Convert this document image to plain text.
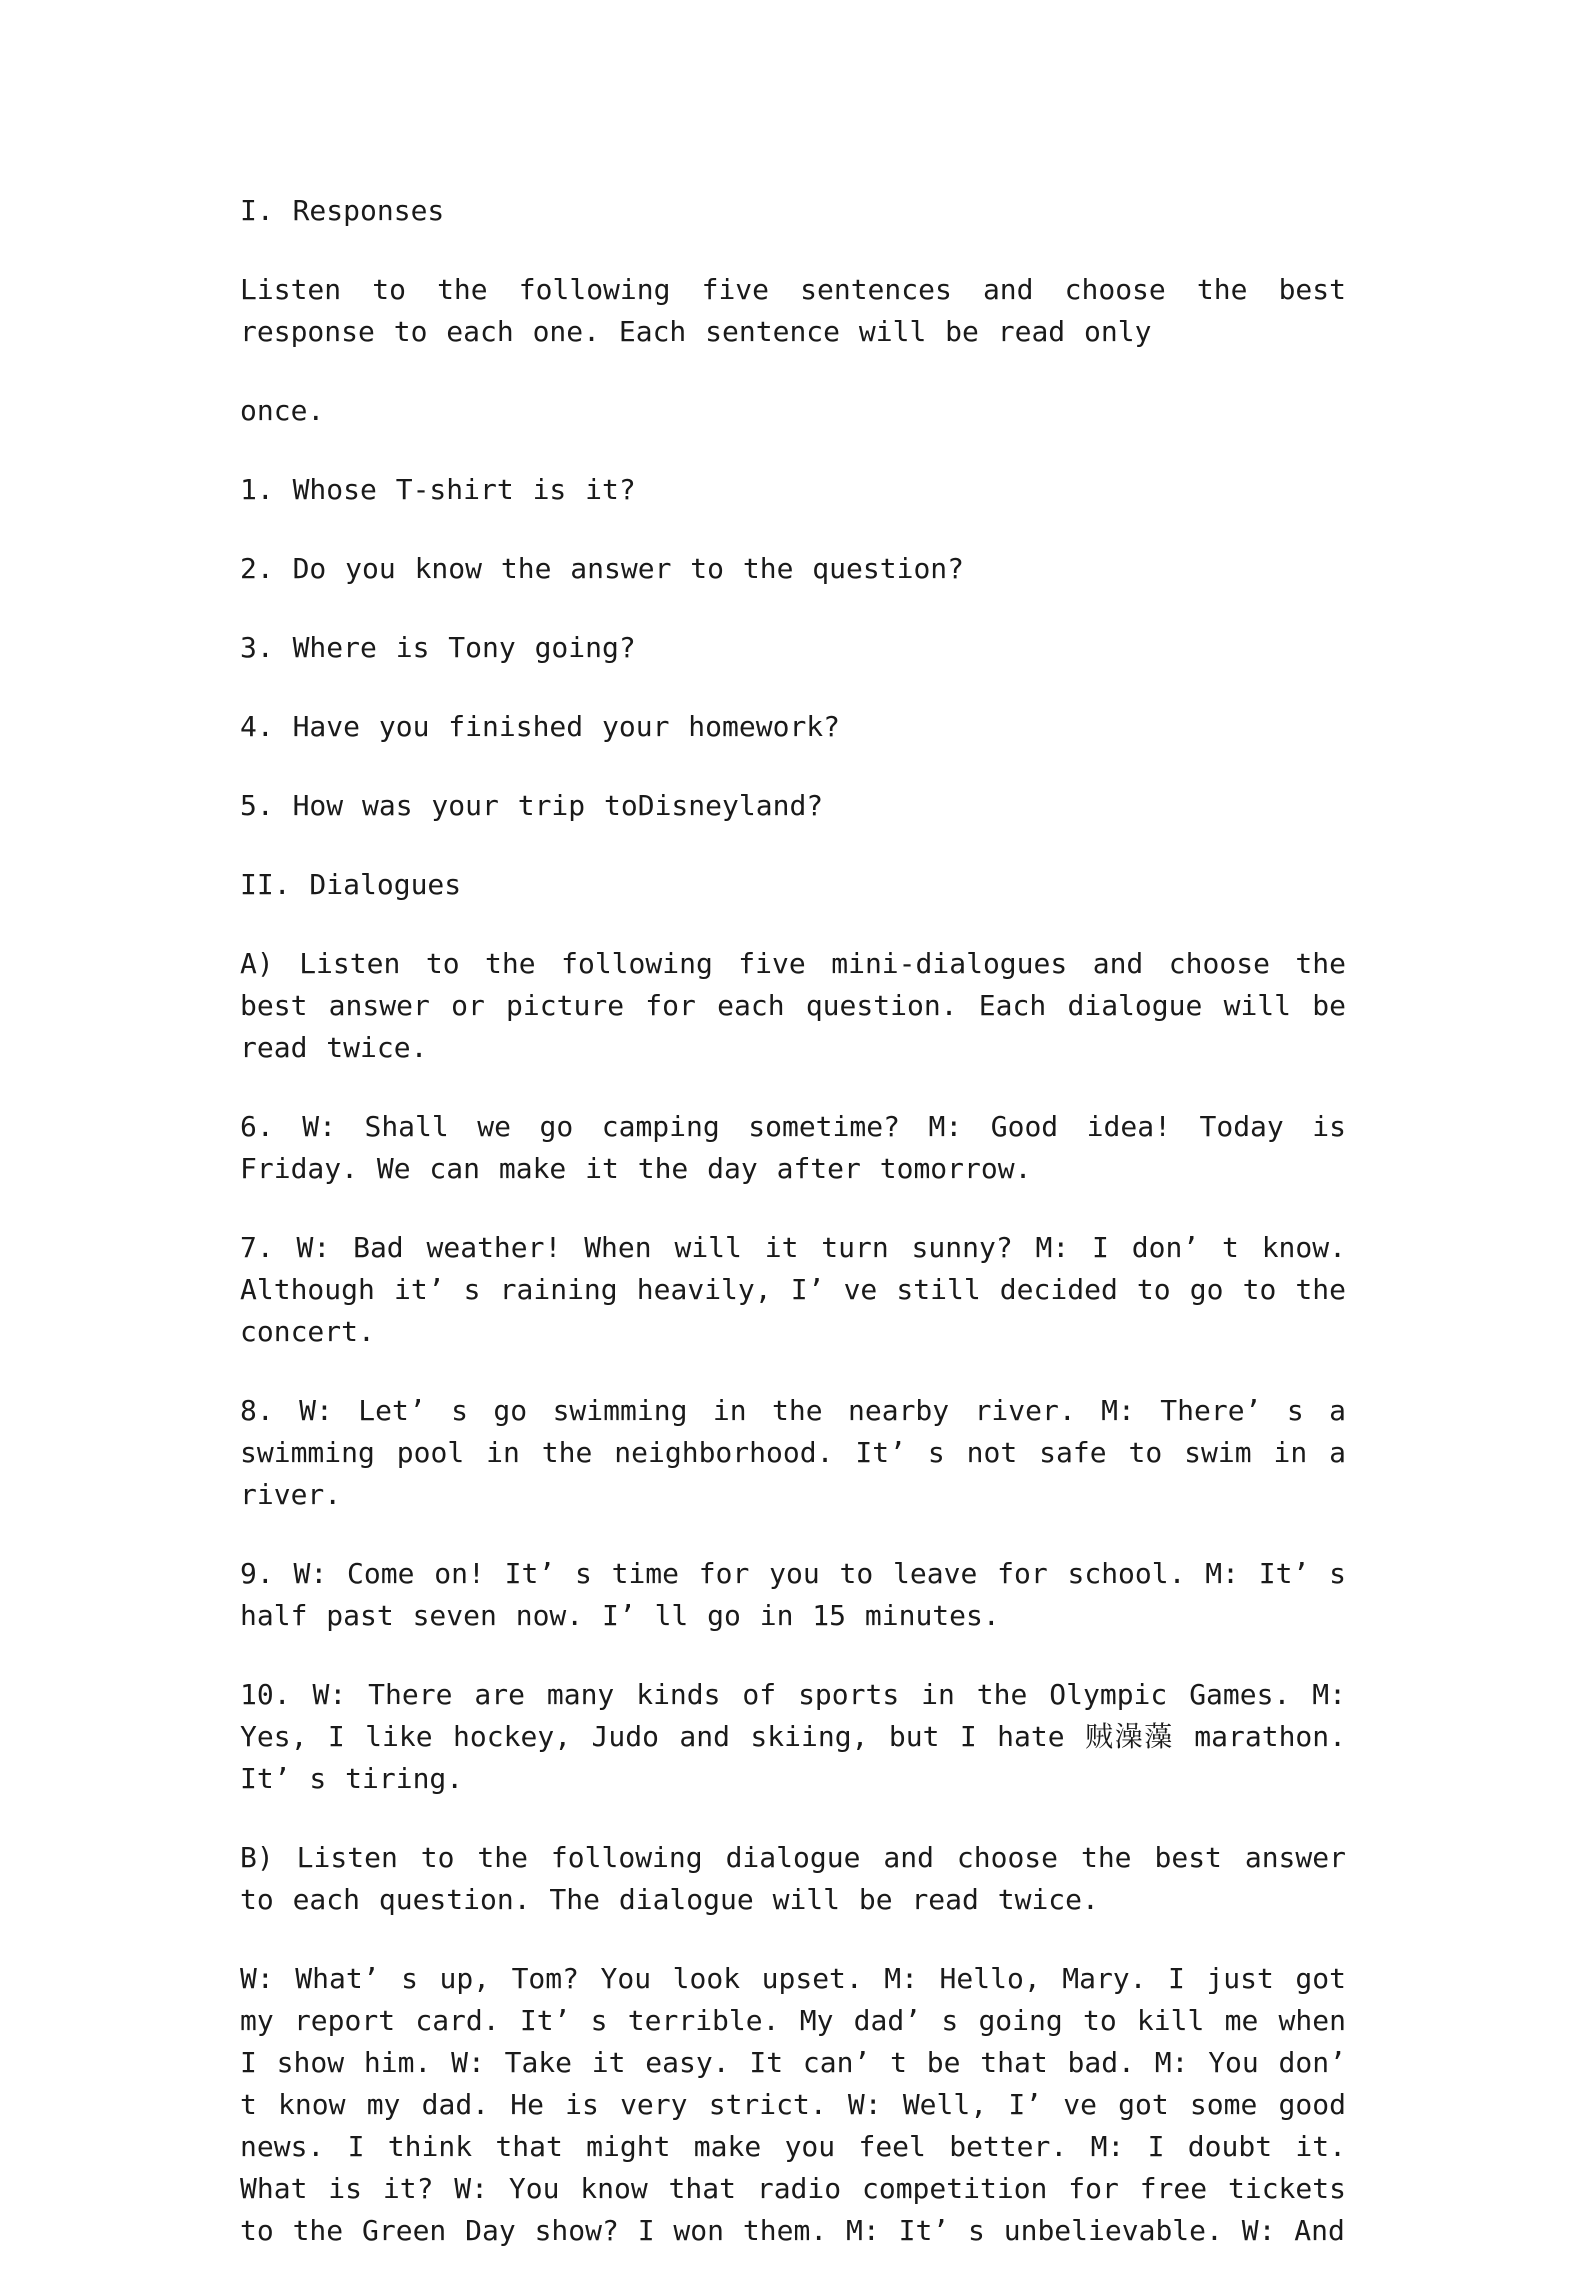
I. Responses

Listen to the following five sentences and choose the best response to each one. Each sentence will be read only

once.

1. Whose T-shirt is it?

2. Do you know the answer to the question?

3. Where is Tony going?

4. Have you finished your homework?

5. How was your trip toDisneyland?

II. Dialogues

A) Listen to the following five mini-dialogues and choose the best answer or picture for each question. Each dialogue will be read twice.

6. W: Shall we go camping sometime? M: Good idea! Today is Friday. We can make it the day after tomorrow.

7. W: Bad weather! When will it turn sunny? M: I don’ t know. Although it’ s raining heavily, I’ ve still decided to go to the concert.

8. W: Let’ s go swimming in the nearby river. M: There’ s a swimming pool in the neighborhood. It’ s not safe to swim in a river.

9. W: Come on! It’ s time for you to leave for school. M: It’ s half past seven now. I’ ll go in 15 minutes.

10. W: There are many kinds of sports in the Olympic Games. M: Yes, I like hockey, Judo and skiing, but I hate 贼澡藻 marathon. It’ s tiring.

B) Listen to the following dialogue and choose the best answer to each question. The dialogue will be read twice.

W: What’ s up, Tom? You look upset. M: Hello, Mary. I just got my report card. It’ s terrible. My dad’ s going to kill me when I show him. W: Take it easy. It can’ t be that bad. M: You don’ t know my dad. He is very strict. W: Well, I’ ve got some good news. I think that might make you feel better. M: I doubt it. What is it? W: You know that radio competition for free tickets to the Green Day show? I won them. M: It’ s unbelievable. W: And
